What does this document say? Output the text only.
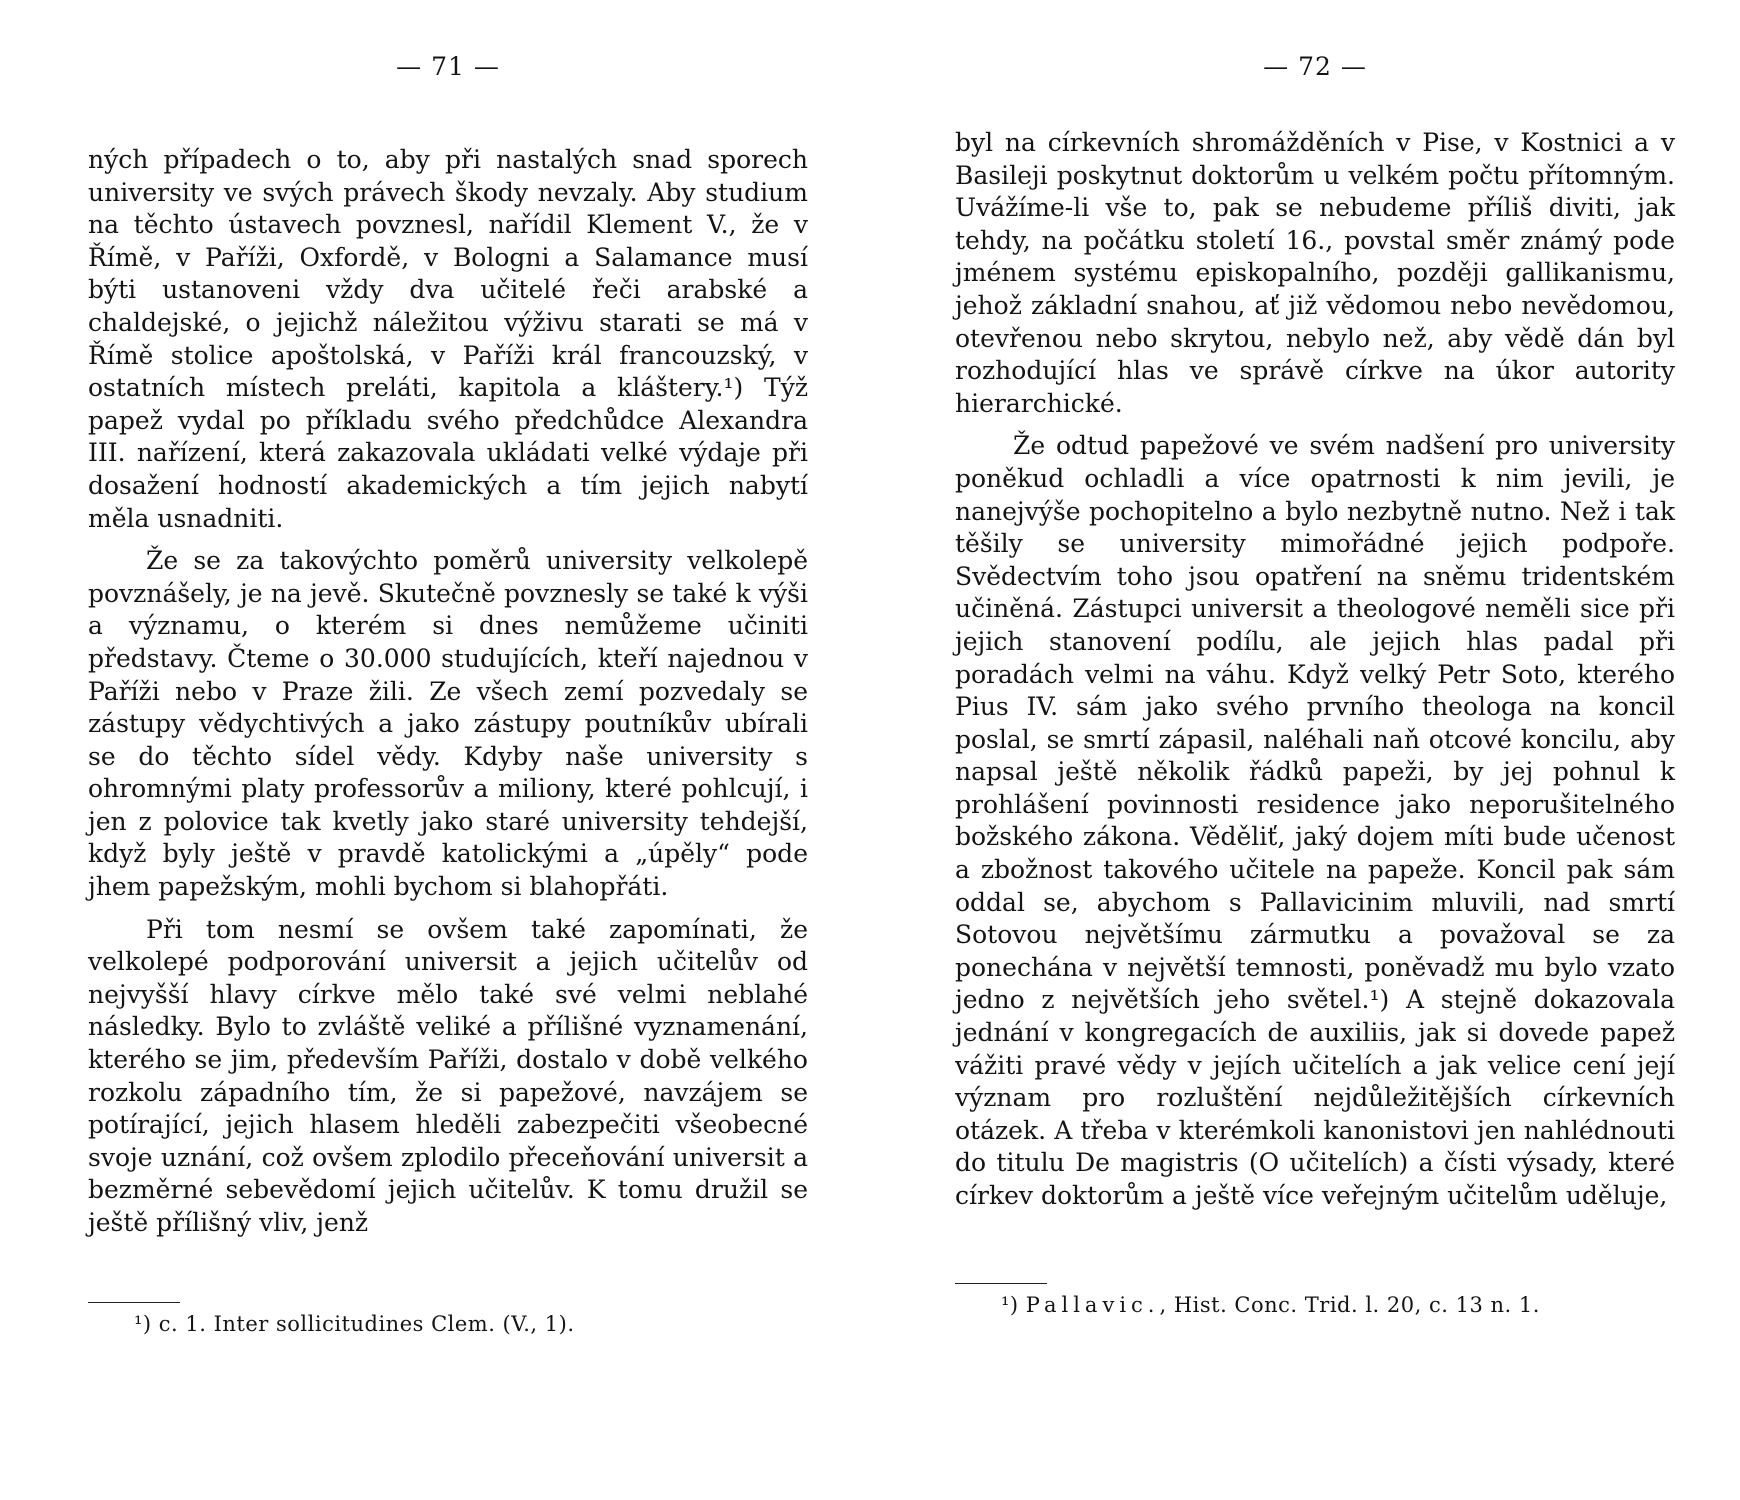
— 71 —

ných případech o to, aby při nastalých snad sporech university ve svých právech škody nevzaly. Aby studium na těchto ústavech povznesl, nařídil Klement V., že v Římě, v Paříži, Oxfordě, v Bologni a Salamance musí býti ustanoveni vždy dva učitelé řeči arabské a chaldejské, o jejichž náležitou výživu starati se má v Římě stolice apoštolská, v Paříži král francouzský, v ostatních místech preláti, kapitola a kláštery.¹) Týž papež vydal po příkladu svého předchůdce Alexandra III. nařízení, která zakazovala ukládati velké výdaje při dosažení hodností akademických a tím jejich nabytí měla usnadniti.

Že se za takovýchto poměrů university velkolepě povznášely, je na jevě. Skutečně povznesly se také k výši a významu, o kterém si dnes nemůžeme učiniti představy. Čteme o 30.000 studujících, kteří najednou v Paříži nebo v Praze žili. Ze všech zemí pozvedaly se zástupy vědychtivých a jako zástupy poutníkův ubírali se do těchto sídel vědy. Kdyby naše university s ohromnými platy professorův a miliony, které pohlcují, i jen z polovice tak kvetly jako staré university tehdejší, když byly ještě v pravdě katolickými a „úpěly“ pode jhem papežským, mohli bychom si blahopřáti.

Při tom nesmí se ovšem také zapomínati, že velkolepé podporování universit a jejich učitelův od nejvyšší hlavy církve mělo také své velmi neblahé následky. Bylo to zvláště veliké a přílišné vyznamenání, kterého se jim, především Paříži, dostalo v době velkého rozkolu západního tím, že si papežové, navzájem se potírající, jejich hlasem hleděli zabezpečiti všeobecné svoje uznání, což ovšem zplodilo přeceňování universit a bezměrné sebevědomí jejich učitelův. K tomu družil se ještě přílišný vliv, jenž

¹) c. 1. Inter sollicitudines Clem. (V., 1).
— 72 —

byl na církevních shromážděních v Pise, v Kostnici a v Basileji poskytnut doktorům u velkém počtu přítomným. Uvážíme-li vše to, pak se nebudeme příliš diviti, jak tehdy, na počátku století 16., povstal směr známý pode jménem systému episkopalního, později gallikanismu, jehož základní snahou, ať již vědomou nebo nevědomou, otevřenou nebo skrytou, nebylo než, aby vědě dán byl rozhodující hlas ve správě církve na úkor autority hierarchické.

Že odtud papežové ve svém nadšení pro university poněkud ochladli a více opatrnosti k nim jevili, je nanejvýše pochopitelno a bylo nezbytně nutno. Než i tak těšily se university mimořádné jejich podpoře. Svědectvím toho jsou opatření na sněmu tridentském učiněná. Zástupci universit a theologové neměli sice při jejich stanovení podílu, ale jejich hlas padal při poradách velmi na váhu. Když velký Petr Soto, kterého Pius IV. sám jako svého prvního theologa na koncil poslal, se smrtí zápasil, naléhali naň otcové koncilu, aby napsal ještě několik řádků papeži, by jej pohnul k prohlášení povinnosti residence jako neporušitelného božského zákona. Věděliť, jaký dojem míti bude učenost a zbožnost takového učitele na papeže. Koncil pak sám oddal se, abychom s Pallavicinim mluvili, nad smrtí Sotovou největšímu zármutku a považoval se za ponechána v největší temnosti, poněvadž mu bylo vzato jedno z největších jeho světel.¹) A stejně dokazovala jednání v kongregacích de auxiliis, jak si dovede papež vážiti pravé vědy v jejích učitelích a jak velice cení její význam pro rozluštění nejdůležitějších církevních otázek. A třeba v kterémkoli kanonistovi jen nahlédnouti do titulu De magistris (O učitelích) a čísti výsady, které církev doktorům a ještě více veřejným učitelům uděluje,

¹) Pallavic., Hist. Conc. Trid. l. 20, c. 13 n. 1.
